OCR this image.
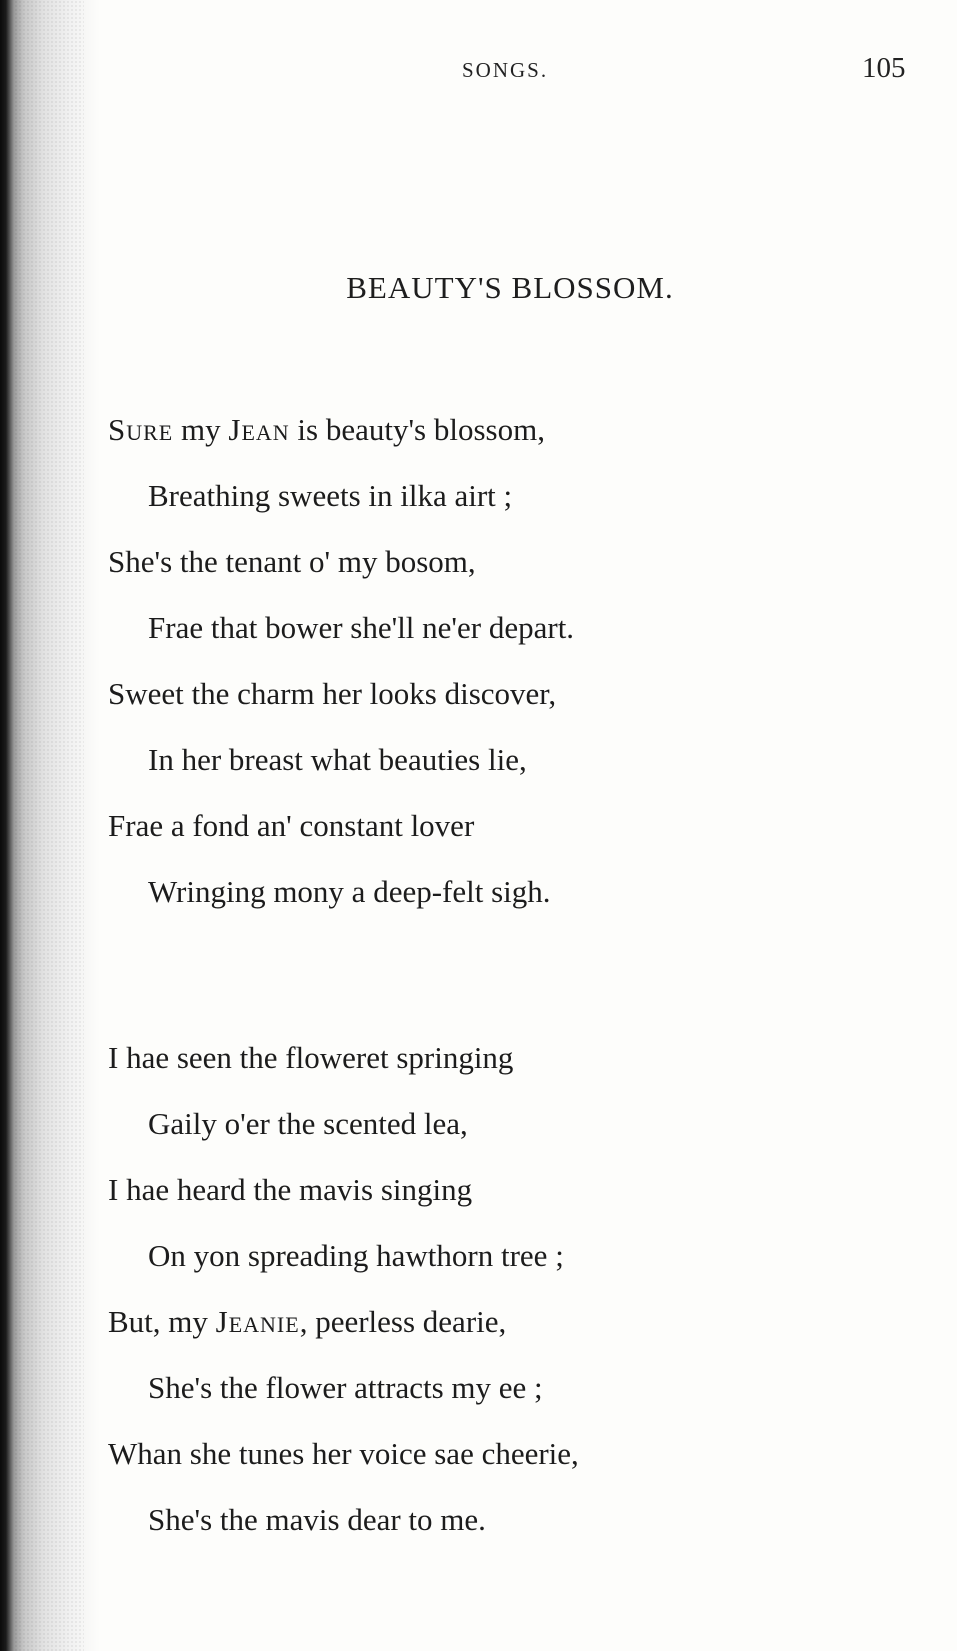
SONGS.	105
BEAUTY'S BLOSSOM.
Sure my Jean is beauty's blossom,
Breathing sweets in ilka airt ;
She's the tenant o' my bosom,
Frae that bower she'll ne'er depart.
Sweet the charm her looks discover,
In her breast what beauties lie,
Frae a fond an' constant lover
Wringing mony a deep-felt sigh.
I hae seen the floweret springing
Gaily o'er the scented lea,
I hae heard the mavis singing
On yon spreading hawthorn tree ;
But, my Jeanie, peerless dearie,
She's the flower attracts my ee ;
Whan she tunes her voice sae cheerie,
She's the mavis dear to me.
